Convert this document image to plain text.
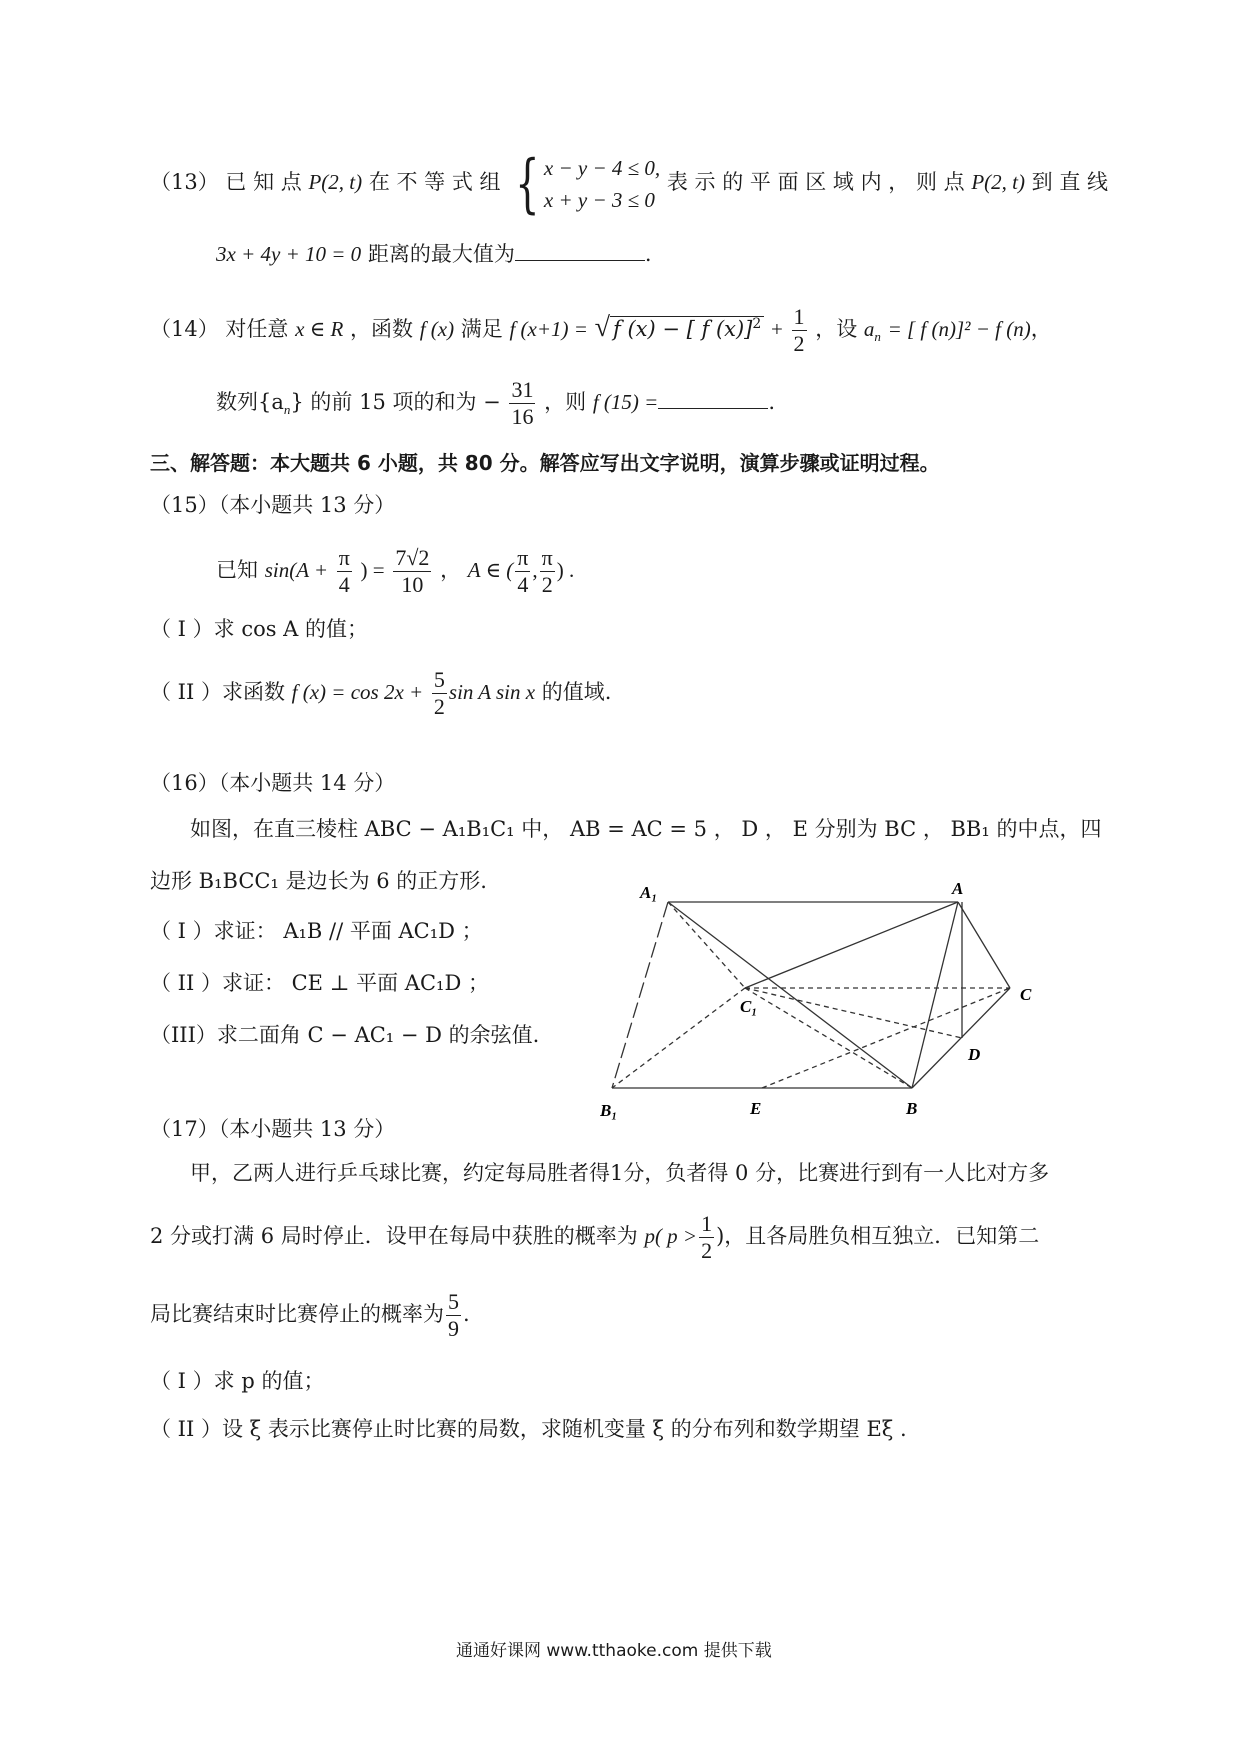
（13） 已 知 点 P(2, t) 在 不 等 式 组 { x − y − 4 ≤ 0,
x + y − 3 ≤ 0
表 示 的 平 面 区 域 内 ， 则 点 P(2, t) 到 直 线
3x + 4y + 10 = 0 距离的最大值为	.
（14） 对任意 x ∈ R ，函数 f (x) 满足 f (x+1) = √ f (x) − [ f $(x)]^2 + \frac{1}{2}$ ，设 $a_n$ = [ f (n)]² − f (n)，
数列$\{a_n\}$ 的前 15 项的和为 − $\frac{31}{16}$ ，则 f (15) =	.
三、解答题：本大题共 6 小题，共 80 分。解答应写出文字说明，演算步骤或证明过程。
（15）（本小题共 13 分）
已知 $\sin(A + \frac{\pi}{4}$ ) = $\frac{7√2}{10}$ ， A ∈ ( $\frac{\pi}{4}$ , $\frac{\pi}{2}$ ) .
（ I ）求 cos A 的值；
（ II ）求函数 f $(x) = \cos 2x + \frac{5}{2}$ sin A sin x 的值域.
（16）（本小题共 14 分）
如图，在直三棱柱 ABC − A₁B₁C₁ 中， AB = AC = 5 ， D ， E 分别为 BC ， BB₁ 的中点，四
边形 B₁BCC₁ 是边长为 6 的正方形.
（ I ）求证： A₁B // 平面 AC₁D ；
（ II ）求证： CE ⊥ 平面 AC₁D ；
（III）求二面角 C − AC₁ − D 的余弦值.
A₁	A
C₁
C
D
B₁	E	B
（17）（本小题共 13 分）
甲，乙两人进行乒乓球比赛，约定每局胜者得1分，负者得 0 分，比赛进行到有一人比对方多
2 分或打满 6 局时停止．设甲在每局中获胜的概率为 p( $p > \frac{1}{2}$ )，且各局胜负相互独立．已知第二
局比赛结束时比赛停止的概率为 $\frac{5}{9}$ .
（ I ）求 p 的值；
（ II ）设 ξ 表示比赛停止时比赛的局数，求随机变量 ξ 的分布列和数学期望 Eξ .
通通好课网 www.tthaoke.com 提供下载
